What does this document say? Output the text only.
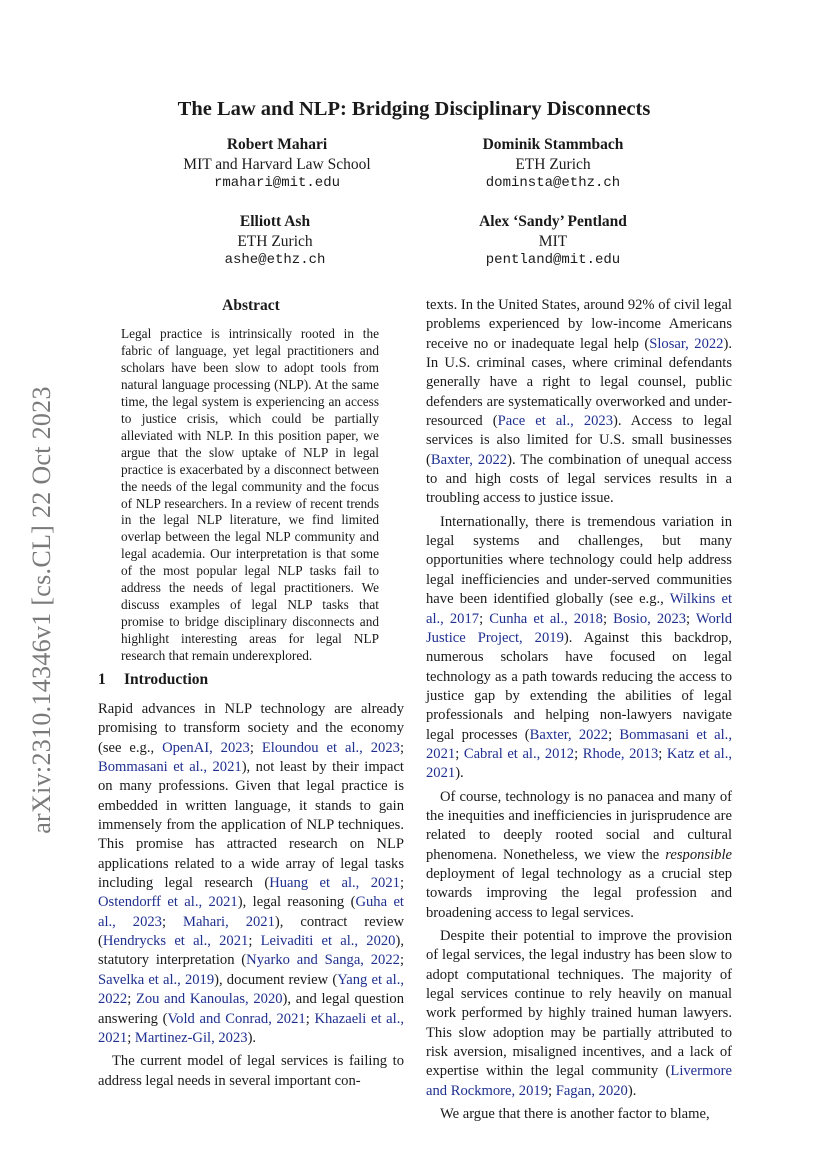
arXiv:2310.14346v1 [cs.CL] 22 Oct 2023
The Law and NLP: Bridging Disciplinary Disconnects
Robert Mahari
MIT and Harvard Law School
rmahari@mit.edu
Dominik Stammbach
ETH Zurich
dominsta@ethz.ch
Elliott Ash
ETH Zurich
ashe@ethz.ch
Alex ‘Sandy’ Pentland
MIT
pentland@mit.edu
Abstract
Legal practice is intrinsically rooted in the fabric of language, yet legal practitioners and scholars have been slow to adopt tools from natural language processing (NLP). At the same time, the legal system is experiencing an access to justice crisis, which could be partially alleviated with NLP. In this position paper, we argue that the slow uptake of NLP in legal practice is exacerbated by a disconnect between the needs of the legal community and the focus of NLP researchers. In a review of recent trends in the legal NLP literature, we find limited overlap between the legal NLP community and legal academia. Our interpretation is that some of the most popular legal NLP tasks fail to address the needs of legal practitioners. We discuss examples of legal NLP tasks that promise to bridge disciplinary disconnects and highlight interesting areas for legal NLP research that remain underexplored.
1 Introduction

Rapid advances in NLP technology are already promising to transform society and the economy (see e.g., OpenAI, 2023; Eloundou et al., 2023; Bommasani et al., 2021), not least by their impact on many professions. Given that legal practice is embedded in written language, it stands to gain immensely from the application of NLP techniques. This promise has attracted research on NLP applications related to a wide array of legal tasks including legal research (Huang et al., 2021; Ostendorff et al., 2021), legal reasoning (Guha et al., 2023; Mahari, 2021), contract review (Hendrycks et al., 2021; Leivaditi et al., 2020), statutory interpretation (Nyarko and Sanga, 2022; Savelka et al., 2019), document review (Yang et al., 2022; Zou and Kanoulas, 2020), and legal question answering (Vold and Conrad, 2021; Khazaeli et al., 2021; Martinez-Gil, 2023).

The current model of legal services is failing to address legal needs in several important con-

texts. In the United States, around 92% of civil legal problems experienced by low-income Americans receive no or inadequate legal help (Slosar, 2022). In U.S. criminal cases, where criminal defendants generally have a right to legal counsel, public defenders are systematically overworked and under-resourced (Pace et al., 2023). Access to legal services is also limited for U.S. small businesses (Baxter, 2022). The combination of unequal access to and high costs of legal services results in a troubling access to justice issue.

Internationally, there is tremendous variation in legal systems and challenges, but many opportunities where technology could help address legal inefficiencies and under-served communities have been identified globally (see e.g., Wilkins et al., 2017; Cunha et al., 2018; Bosio, 2023; World Justice Project, 2019). Against this backdrop, numerous scholars have focused on legal technology as a path towards reducing the access to justice gap by extending the abilities of legal professionals and helping non-lawyers navigate legal processes (Baxter, 2022; Bommasani et al., 2021; Cabral et al., 2012; Rhode, 2013; Katz et al., 2021).

Of course, technology is no panacea and many of the inequities and inefficiencies in jurisprudence are related to deeply rooted social and cultural phenomena. Nonetheless, we view the responsible deployment of legal technology as a crucial step towards improving the legal profession and broadening access to legal services.

Despite their potential to improve the provision of legal services, the legal industry has been slow to adopt computational techniques. The majority of legal services continue to rely heavily on manual work performed by highly trained human lawyers. This slow adoption may be partially attributed to risk aversion, misaligned incentives, and a lack of expertise within the legal community (Livermore and Rockmore, 2019; Fagan, 2020).

We argue that there is another factor to blame,
